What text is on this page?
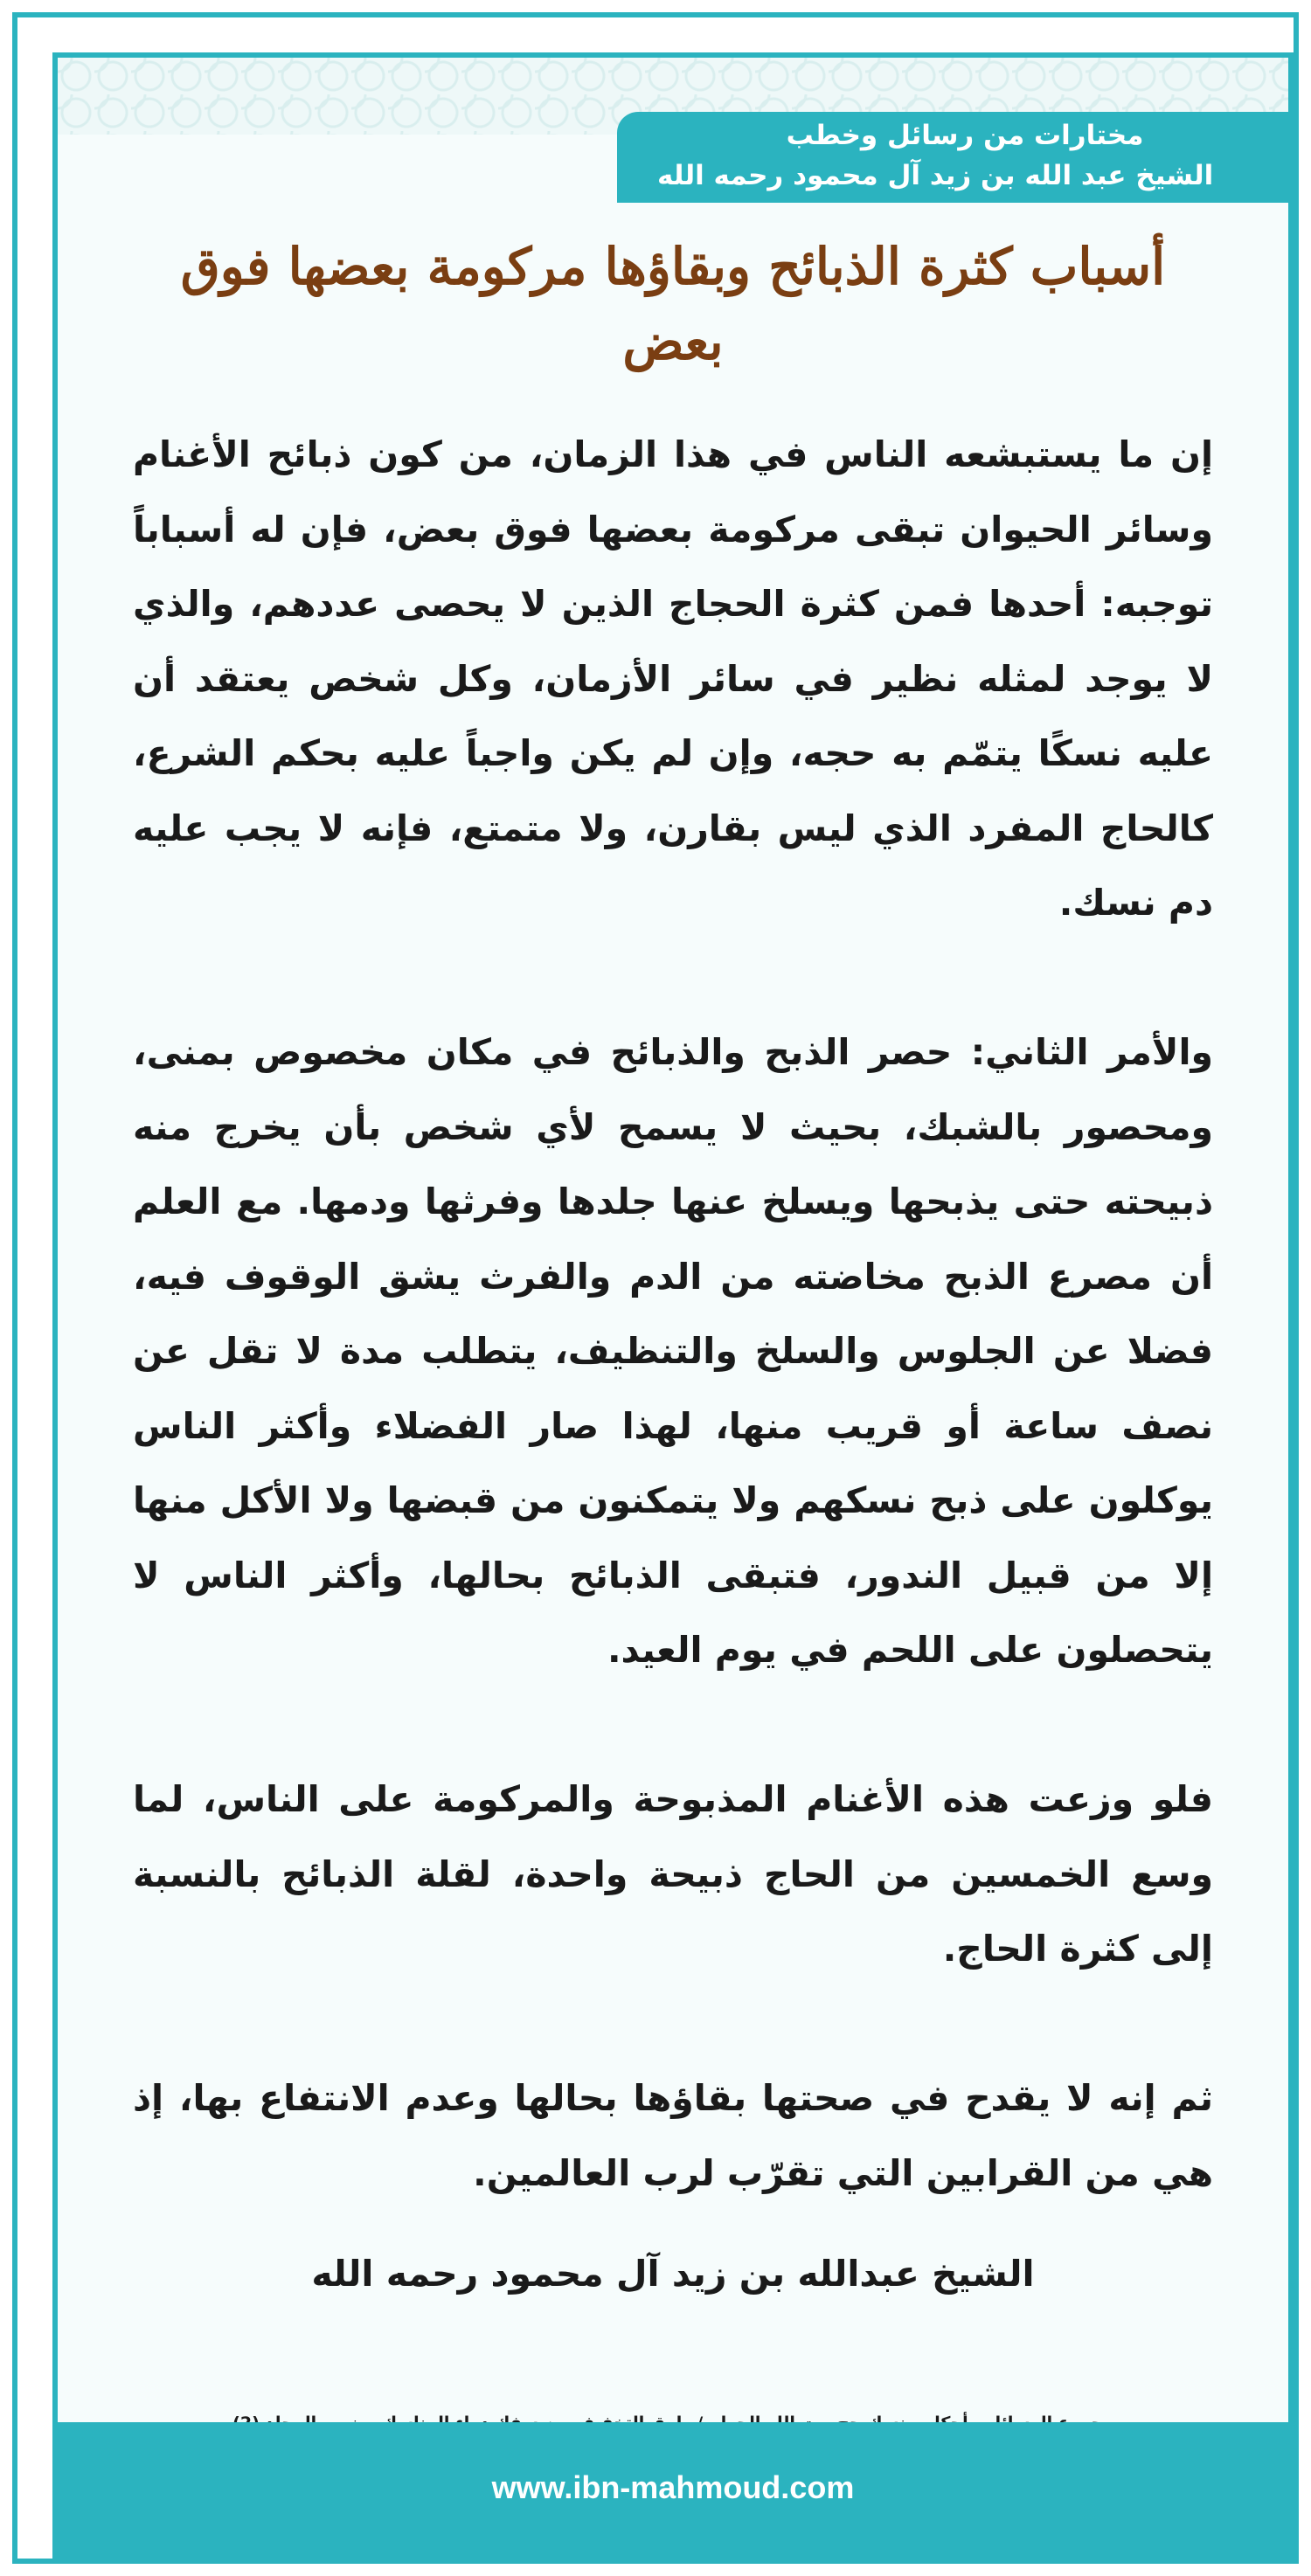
مختارات من رسائل وخطب
الشيخ عبد الله بن زيد آل محمود رحمه الله
أسباب كثرة الذبائح وبقاؤها مركومة بعضها فوق بعض

إن ما يستبشعه الناس في هذا الزمان، من كون ذبائح الأغنام وسائر الحيوان تبقى مركومة بعضها فوق بعض، فإن له أسباباً توجبه: أحدها فمن كثرة الحجاج الذين لا يحصى عددهم، والذي لا يوجد لمثله نظير في سائر الأزمان، وكل شخص يعتقد أن عليه نسكًا يتمّم به حجه، وإن لم يكن واجباً عليه بحكم الشرع، كالحاج المفرد الذي ليس بقارن، ولا متمتع، فإنه لا يجب عليه دم نسك.

والأمر الثاني: حصر الذبح والذبائح في مكان مخصوص بمنى، ومحصور بالشبك، بحيث لا يسمح لأي شخص بأن يخرج منه ذبيحته حتى يذبحها ويسلخ عنها جلدها وفرثها ودمها. مع العلم أن مصرع الذبح مخاضته من الدم والفرث يشق الوقوف فيه، فضلا عن الجلوس والسلخ والتنظيف، يتطلب مدة لا تقل عن نصف ساعة أو قريب منها، لهذا صار الفضلاء وأكثر الناس يوكلون على ذبح نسكهم ولا يتمكنون من قبضها ولا الأكل منها إلا من قبيل الندور، فتبقى الذبائح بحالها، وأكثر الناس لا يتحصلون على اللحم في يوم العيد.

فلو وزعت هذه الأغنام المذبوحة والمركومة على الناس، لما وسع الخمسين من الحاج ذبيحة واحدة، لقلة الذبائح بالنسبة إلى كثرة الحاج.

ثم إنه لا يقدح في صحتها بقاؤها بحالها وعدم الانتفاع بها، إذ هي من القرابين التي تقرّب لرب العالمين.

الشيخ عبدالله بن زيد آل محمود رحمه الله
www.ibn-mahmoud.com
